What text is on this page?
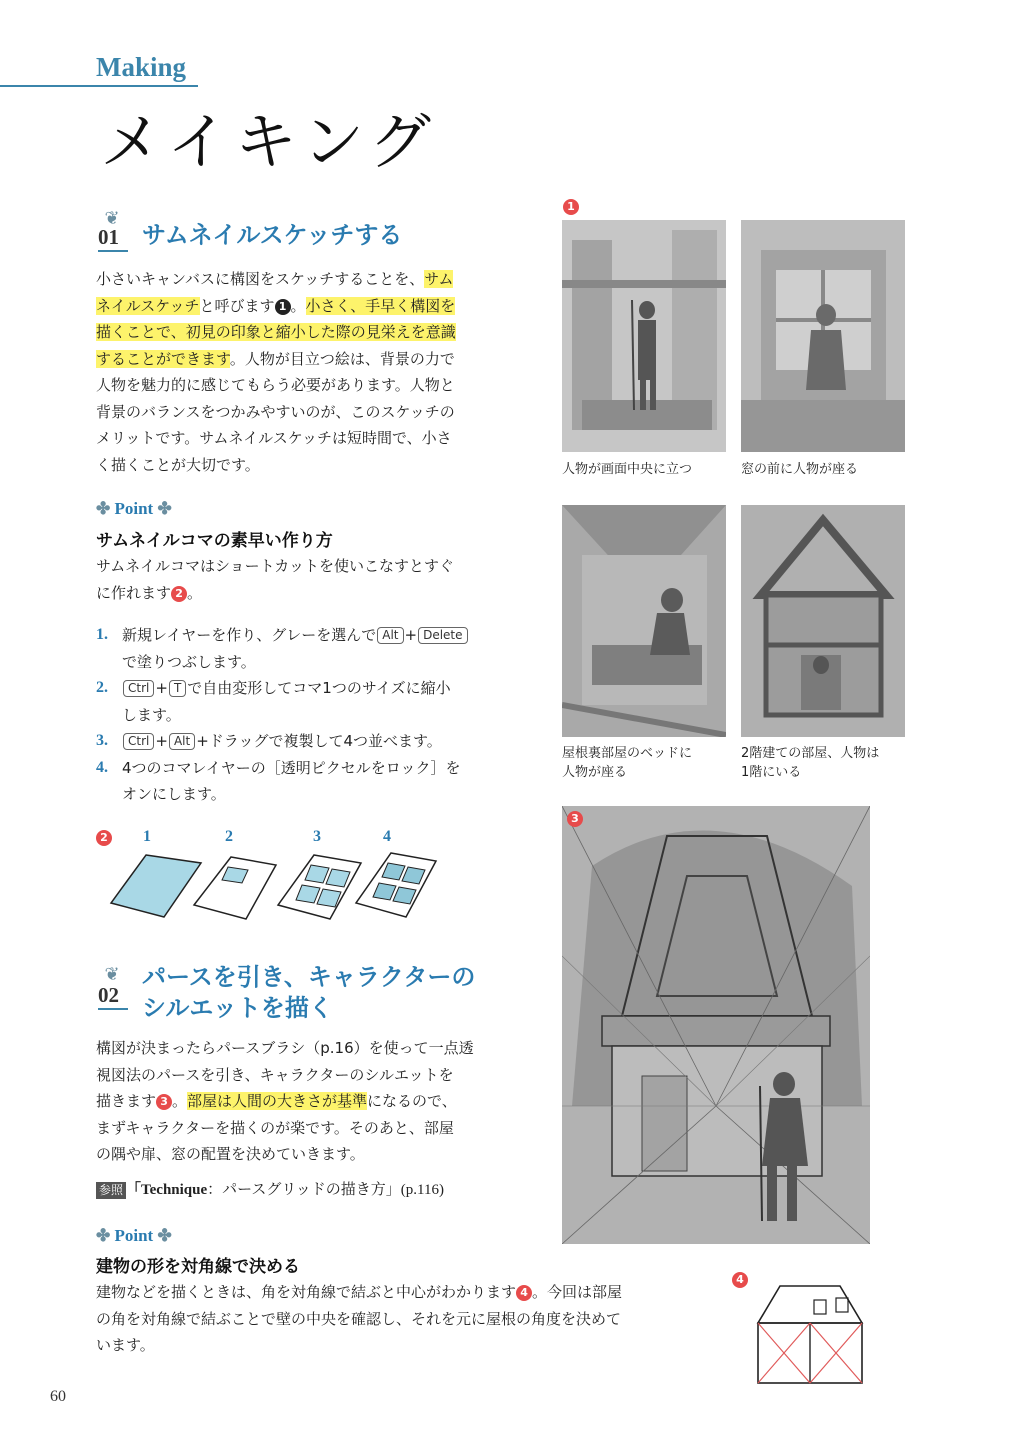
Making
メイキング
❦
01 サムネイルスケッチする

小さいキャンバスに構図をスケッチすることを、サム

ネイルスケッチと呼びます 1 。小さく、手早く構図を

描くことで、初見の印象と縮小した際の見栄えを意識

することができます。人物が目立つ絵は、背景の力で

人物を魅力的に感じてもらう必要があります。人物と

背景のバランスをつかみやすいのが、このスケッチの

メリットです。サムネイルスケッチは短時間で、小さ

く描くことが大切です。

✤ Point ✤
サムネイルコマの素早い作り方

サムネイルコマはショートカットを使いこなすとすぐ

に作れます 2 。

1. 新規レイヤーを作り、グレーを選んで Alt + Delete
で塗りつぶします。
2.	Ctrl + T で自由変形してコマ1つのサイズに縮小
します。
3.	Ctrl + Alt +ドラッグで複製して4つ並べます。
4. 4つのコマレイヤーの［透明ピクセルをロック］を
オンにします。
2 1	2	3	4
❦
02
パースを引き、キャラクターの
シルエットを描く

構図が決まったらパースブラシ（p.16）を使って一点透

視図法のパースを引き、キャラクターのシルエットを

描きます 3 。部屋は人間の大きさが基準になるので、

まずキャラクターを描くのが楽です。そのあと、部屋

の隅や扉、窓の配置を決めていきます。

参照 「Technique：パースグリッドの描き方」(p.116)
✤ Point ✤
建物の形を対角線で決める

建物などを描くときは、角を対角線で結ぶと中心がわかります 4 。今回は部屋

の角を対角線で結ぶことで壁の中央を確認し、それを元に屋根の角度を決めて

います。

1
人物が画面中央に立つ	窓の前に人物が座る
屋根裏部屋のベッドに
人物が座る
2階建ての部屋、人物は
1階にいる
3
4
60
